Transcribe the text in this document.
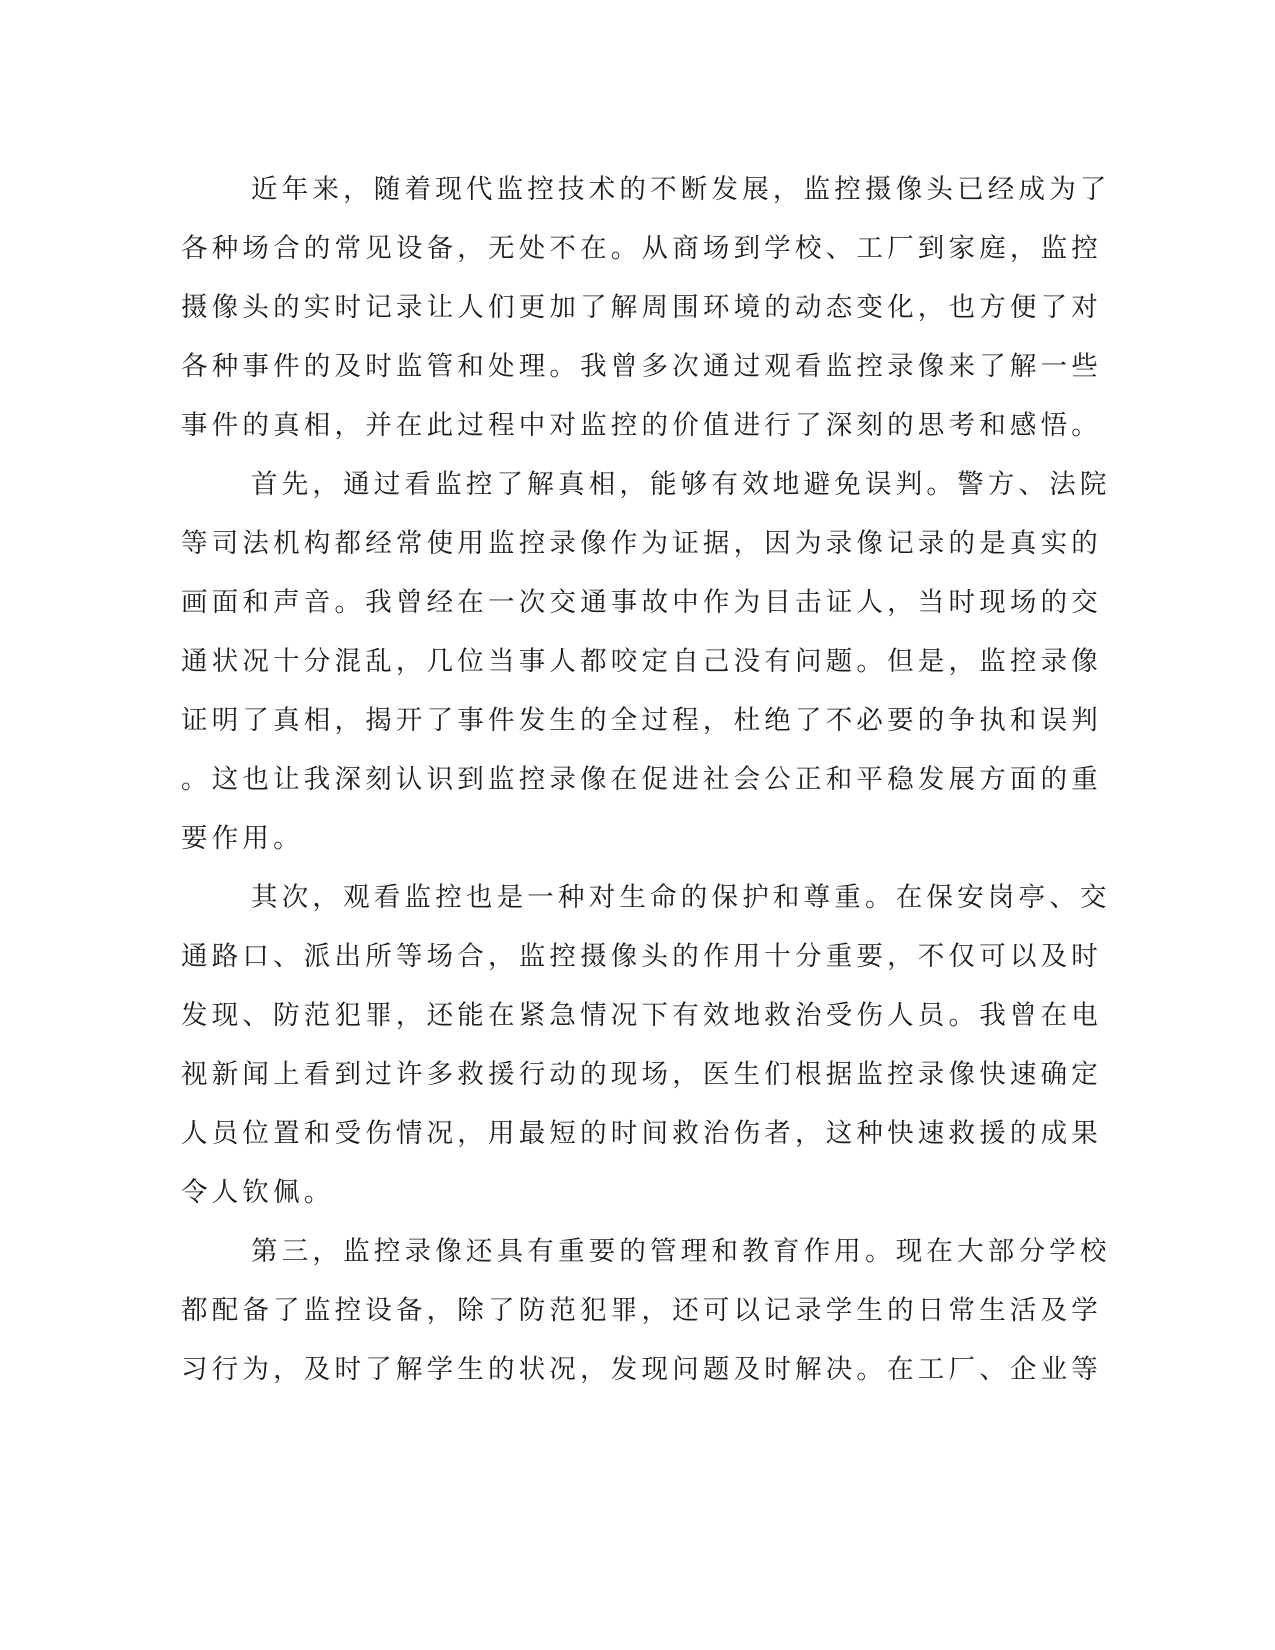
近年来，随着现代监控技术的不断发展，监控摄像头已经成为了
各种场合的常见设备，无处不在。从商场到学校、工厂到家庭，监控
摄像头的实时记录让人们更加了解周围环境的动态变化，也方便了对
各种事件的及时监管和处理。我曾多次通过观看监控录像来了解一些
事件的真相，并在此过程中对监控的价值进行了深刻的思考和感悟。
首先，通过看监控了解真相，能够有效地避免误判。警方、法院
等司法机构都经常使用监控录像作为证据，因为录像记录的是真实的
画面和声音。我曾经在一次交通事故中作为目击证人，当时现场的交
通状况十分混乱，几位当事人都咬定自己没有问题。但是，监控录像
证明了真相，揭开了事件发生的全过程，杜绝了不必要的争执和误判
。这也让我深刻认识到监控录像在促进社会公正和平稳发展方面的重
要作用。
其次，观看监控也是一种对生命的保护和尊重。在保安岗亭、交
通路口、派出所等场合，监控摄像头的作用十分重要，不仅可以及时
发现、防范犯罪，还能在紧急情况下有效地救治受伤人员。我曾在电
视新闻上看到过许多救援行动的现场，医生们根据监控录像快速确定
人员位置和受伤情况，用最短的时间救治伤者，这种快速救援的成果
令人钦佩。
第三，监控录像还具有重要的管理和教育作用。现在大部分学校
都配备了监控设备，除了防范犯罪，还可以记录学生的日常生活及学
习行为，及时了解学生的状况，发现问题及时解决。在工厂、企业等
